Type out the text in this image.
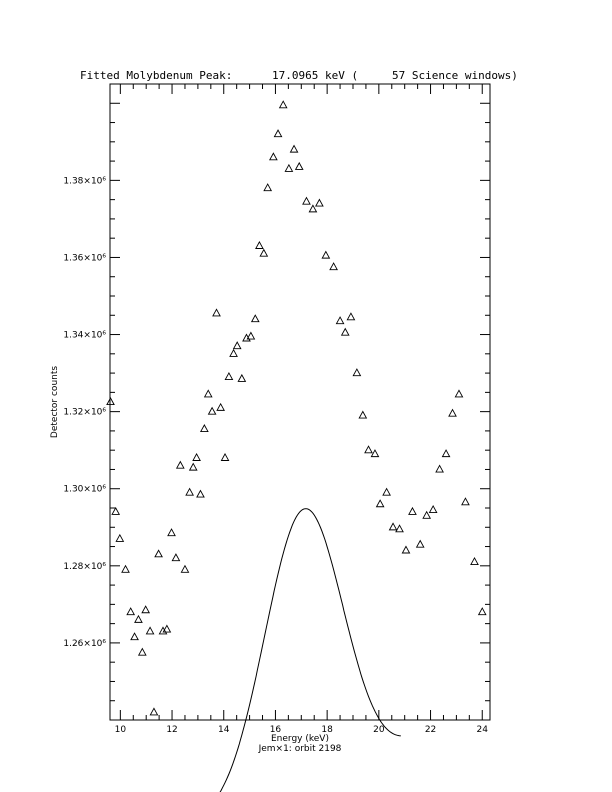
Fitted Molybdenum Peak:	17.0965 keV (	57 Science windows)
10	12	14	16	18	20	22	24
1.26×10⁶
1.28×10⁶
1.30×10⁶
1.32×10⁶
1.34×10⁶
1.36×10⁶
1.38×10⁶
Energy (keV)
Jem×1: orbit 2198
Detector counts
